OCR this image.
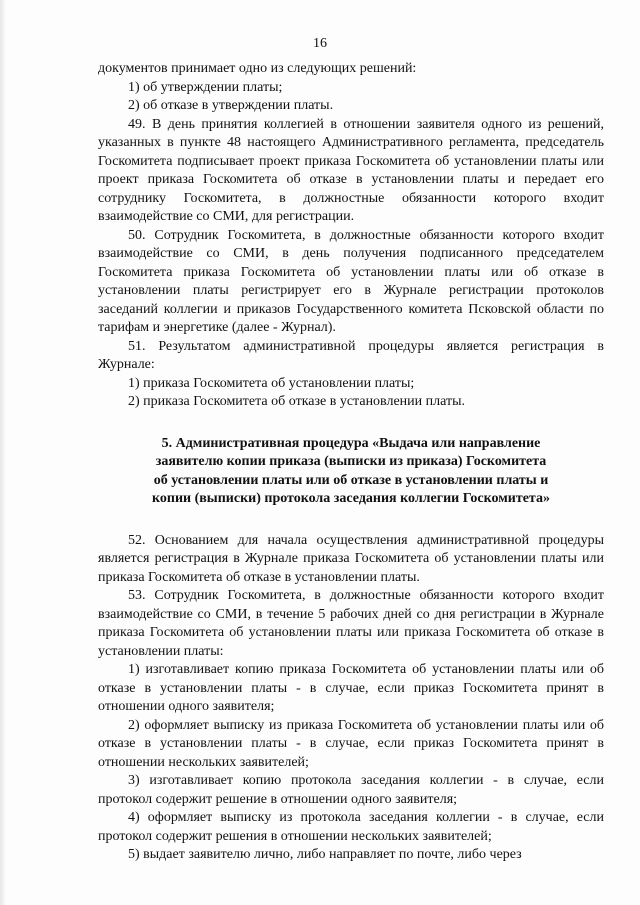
16

документов принимает одно из следующих решений:

1) об утверждении платы;

2) об отказе в утверждении платы.

49. В день принятия коллегией в отношении заявителя одного из решений, указанных в пункте 48 настоящего Административного регламента, председатель Госкомитета подписывает проект приказа Госкомитета об установлении платы или проект приказа Госкомитета об отказе в установлении платы и передает его сотруднику Госкомитета, в должностные обязанности которого входит взаимодействие со СМИ, для регистрации.

50. Сотрудник Госкомитета, в должностные обязанности которого входит взаимодействие со СМИ, в день получения подписанного председателем Госкомитета приказа Госкомитета об установлении платы или об отказе в установлении платы регистрирует его в Журнале регистрации протоколов заседаний коллегии и приказов Государственного комитета Псковской области по тарифам и энергетике (далее - Журнал).

51. Результатом административной процедуры является регистрация в Журнале:

1) приказа Госкомитета об установлении платы;

2) приказа Госкомитета об отказе в установлении платы.

5. Административная процедура «Выдача или направление
заявителю копии приказа (выписки из приказа) Госкомитета
об установлении платы или об отказе в установлении платы и
копии (выписки) протокола заседания коллегии Госкомитета»

52. Основанием для начала осуществления административной процедуры является регистрация в Журнале приказа Госкомитета об установлении платы или приказа Госкомитета об отказе в установлении платы.

53. Сотрудник Госкомитета, в должностные обязанности которого входит взаимодействие со СМИ, в течение 5 рабочих дней со дня регистрации в Журнале приказа Госкомитета об установлении платы или приказа Госкомитета об отказе в установлении платы:

1) изготавливает копию приказа Госкомитета об установлении платы или об отказе в установлении платы - в случае, если приказ Госкомитета принят в отношении одного заявителя;

2) оформляет выписку из приказа Госкомитета об установлении платы или об отказе в установлении платы - в случае, если приказ Госкомитета принят в отношении нескольких заявителей;

3) изготавливает копию протокола заседания коллегии - в случае, если протокол содержит решение в отношении одного заявителя;

4) оформляет выписку из протокола заседания коллегии - в случае, если протокол содержит решения в отношении нескольких заявителей;

5) выдает заявителю лично, либо направляет по почте, либо через
